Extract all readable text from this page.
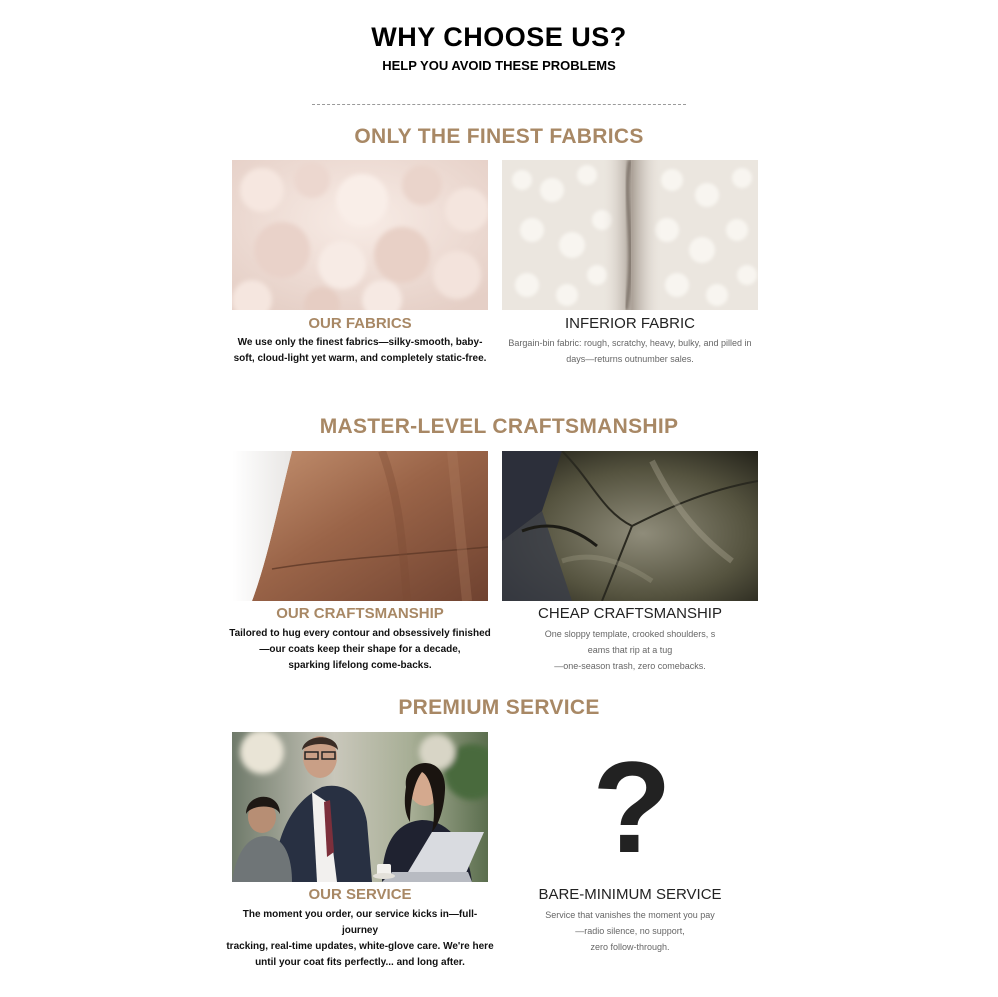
WHY CHOOSE US?
HELP YOU AVOID THESE PROBLEMS
ONLY THE FINEST FABRICS
OUR FABRICS
We use only the finest fabrics—silky-smooth, baby-
soft, cloud-light yet warm, and completely static-free.
INFERIOR FABRIC
Bargain-bin fabric: rough, scratchy, heavy, bulky, and pilled in
days—returns outnumber sales.
MASTER-LEVEL CRAFTSMANSHIP
OUR CRAFTSMANSHIP
Tailored to hug every contour and obsessively finished
—our coats keep their shape for a decade,
sparking lifelong come-backs.
CHEAP CRAFTSMANSHIP
One sloppy template, crooked shoulders, s
eams that rip at a tug
—one-season trash, zero comebacks.
PREMIUM SERVICE
?
OUR SERVICE
The moment you order, our service kicks in—full-journey
tracking, real-time updates, white-glove care. We're here
until your coat fits perfectly... and long after.
BARE-MINIMUM SERVICE
Service that vanishes the moment you pay
—radio silence, no support,
zero follow-through.
